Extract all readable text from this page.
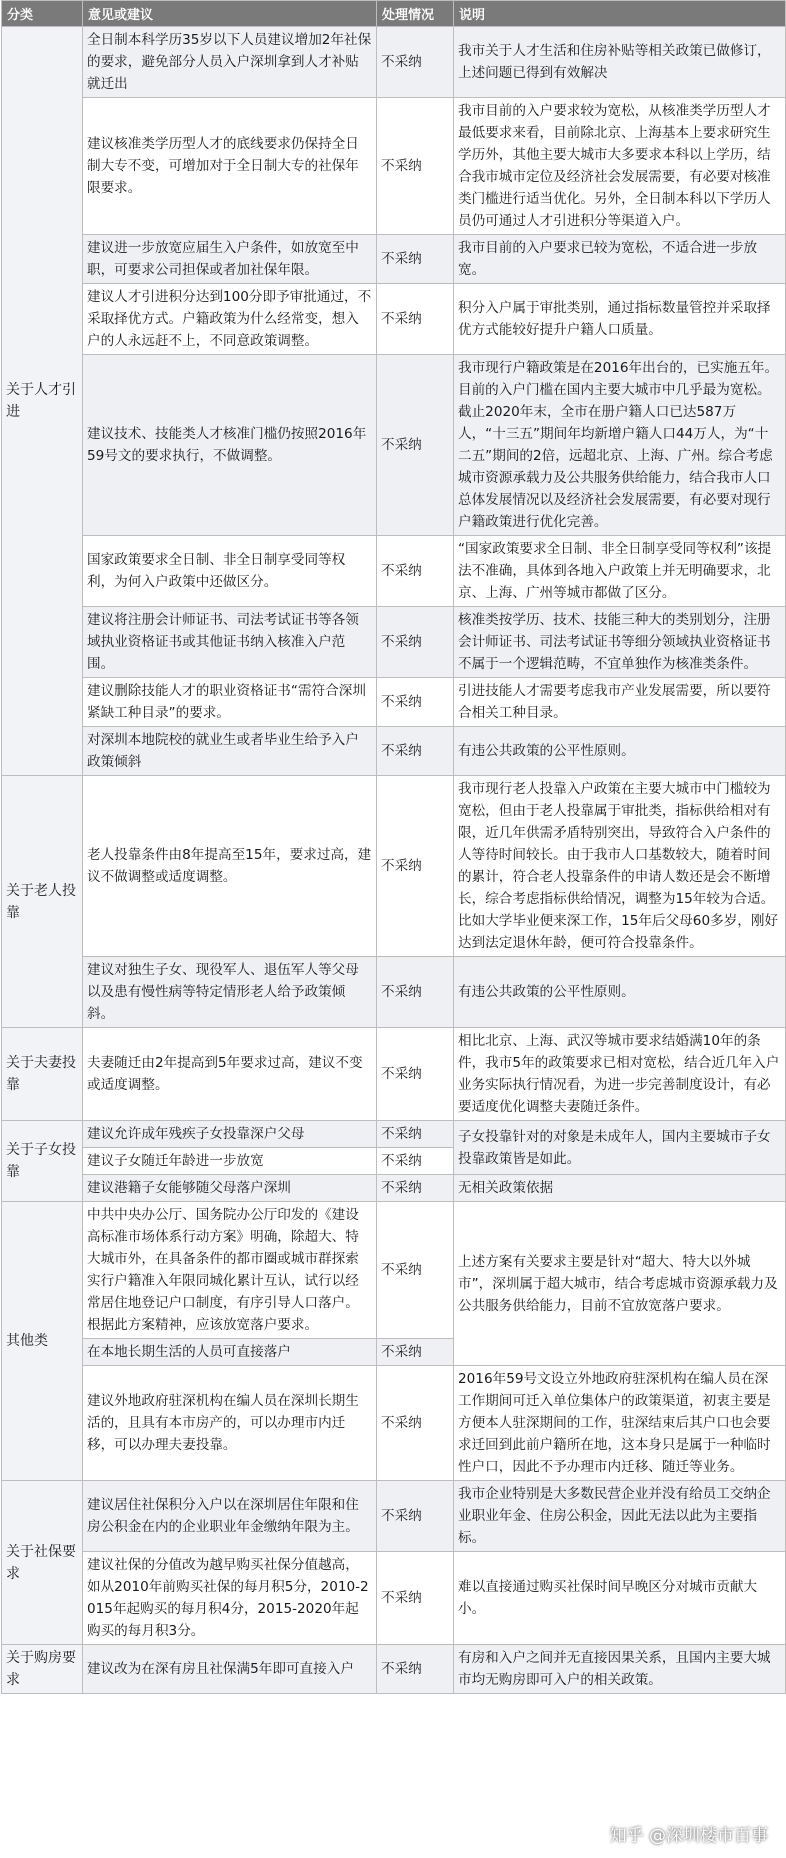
分类	意见或建议	处理情况	说明
关于人才引进	全日制本科学历35岁以下人员建议增加2年社保的要求，避免部分人员入户深圳拿到人才补贴就迁出	不采纳	我市关于人才生活和住房补贴等相关政策已做修订，上述问题已得到有效解决
	建议核准类学历型人才的底线要求仍保持全日制大专不变，可增加对于全日制大专的社保年限要求。	不采纳	我市目前的入户要求较为宽松，从核准类学历型人才最低要求来看，目前除北京、上海基本上要求研究生学历外，其他主要大城市大多要求本科以上学历，结合我市城市定位及经济社会发展需要，有必要对核准类门槛进行适当优化。另外，全日制本科以下学历人员仍可通过人才引进积分等渠道入户。
	建议进一步放宽应届生入户条件，如放宽至中职，可要求公司担保或者加社保年限。	不采纳	我市目前的入户要求已较为宽松，不适合进一步放宽。
	建议人才引进积分达到100分即予审批通过，不采取择优方式。户籍政策为什么经常变，想入户的人永远赶不上，不同意政策调整。	不采纳	积分入户属于审批类别，通过指标数量管控并采取择优方式能较好提升户籍人口质量。
	建议技术、技能类人才核准门槛仍按照2016年59号文的要求执行，不做调整。	不采纳	我市现行户籍政策是在2016年出台的，已实施五年。目前的入户门槛在国内主要大城市中几乎最为宽松。截止2020年末，全市在册户籍人口已达587万人，“十三五”期间年均新增户籍人口44万人，为“十二五”期间的2倍，远超北京、上海、广州。综合考虑城市资源承载力及公共服务供给能力，结合我市人口总体发展情况以及经济社会发展需要，有必要对现行户籍政策进行优化完善。
	国家政策要求全日制、非全日制享受同等权利，为何入户政策中还做区分。	不采纳	“国家政策要求全日制、非全日制享受同等权利”该提法不准确，具体到各地入户政策上并无明确要求，北京、上海、广州等城市都做了区分。
	建议将注册会计师证书、司法考试证书等各领域执业资格证书或其他证书纳入核准入户范围。	不采纳	核准类按学历、技术、技能三种大的类别划分，注册会计师证书、司法考试证书等细分领域执业资格证书不属于一个逻辑范畴，不宜单独作为核准类条件。
	建议删除技能人才的职业资格证书“需符合深圳紧缺工种目录”的要求。	不采纳	引进技能人才需要考虑我市产业发展需要，所以要符合相关工种目录。
	对深圳本地院校的就业生或者毕业生给予入户政策倾斜	不采纳	有违公共政策的公平性原则。
关于老人投靠	老人投靠条件由8年提高至15年，要求过高，建议不做调整或适度调整。	不采纳	我市现行老人投靠入户政策在主要大城市中门槛较为宽松，但由于老人投靠属于审批类，指标供给相对有限，近几年供需矛盾特别突出，导致符合入户条件的人等待时间较长。由于我市人口基数较大，随着时间的累计，符合老人投靠条件的申请人数还是会不断增长，综合考虑指标供给情况，调整为15年较为合适。比如大学毕业便来深工作，15年后父母60多岁，刚好达到法定退休年龄，便可符合投靠条件。
	建议对独生子女、现役军人、退伍军人等父母以及患有慢性病等特定情形老人给予政策倾斜。	不采纳	有违公共政策的公平性原则。
关于夫妻投靠	夫妻随迁由2年提高到5年要求过高，建议不变或适度调整。	不采纳	相比北京、上海、武汉等城市要求结婚满10年的条件，我市5年的政策要求已相对宽松，结合近几年入户业务实际执行情况看，为进一步完善制度设计，有必要适度优化调整夫妻随迁条件。
关于子女投靠	建议允许成年残疾子女投靠深户父母	不采纳	子女投靠针对的对象是未成年人，国内主要城市子女投靠政策皆是如此。
	建议子女随迁年龄进一步放宽	不采纳	
	建议港籍子女能够随父母落户深圳	不采纳	无相关政策依据
其他类	中共中央办公厅、国务院办公厅印发的《建设高标准市场体系行动方案》明确，除超大、特大城市外，在具备条件的都市圈或城市群探索实行户籍准入年限同城化累计互认，试行以经常居住地登记户口制度，有序引导人口落户。根据此方案精神，应该放宽落户要求。	不采纳	上述方案有关要求主要是针对“超大、特大以外城市”，深圳属于超大城市，结合考虑城市资源承载力及公共服务供给能力，目前不宜放宽落户要求。
	在本地长期生活的人员可直接落户	不采纳	
	建议外地政府驻深机构在编人员在深圳长期生活的，且具有本市房产的，可以办理市内迁移，可以办理夫妻投靠。	不采纳	2016年59号文设立外地政府驻深机构在编人员在深工作期间可迁入单位集体户的政策渠道，初衷主要是方便本人驻深期间的工作，驻深结束后其户口也会要求迁回到此前户籍所在地，这本身只是属于一种临时性户口，因此不予办理市内迁移、随迁等业务。
关于社保要求	建议居住社保积分入户以在深圳居住年限和住房公积金在内的企业职业年金缴纳年限为主。	不采纳	我市企业特别是大多数民营企业并没有给员工交纳企业职业年金、住房公积金，因此无法以此为主要指标。
	建议社保的分值改为越早购买社保分值越高，如从2010年前购买社保的每月积5分，2010-2015年起购买的每月积4分，2015-2020年起购买的每月积3分。	不采纳	难以直接通过购买社保时间早晚区分对城市贡献大小。
关于购房要求	建议改为在深有房且社保满5年即可直接入户	不采纳	有房和入户之间并无直接因果关系，且国内主要大城市均无购房即可入户的相关政策。
知乎 @深圳楼市百事
